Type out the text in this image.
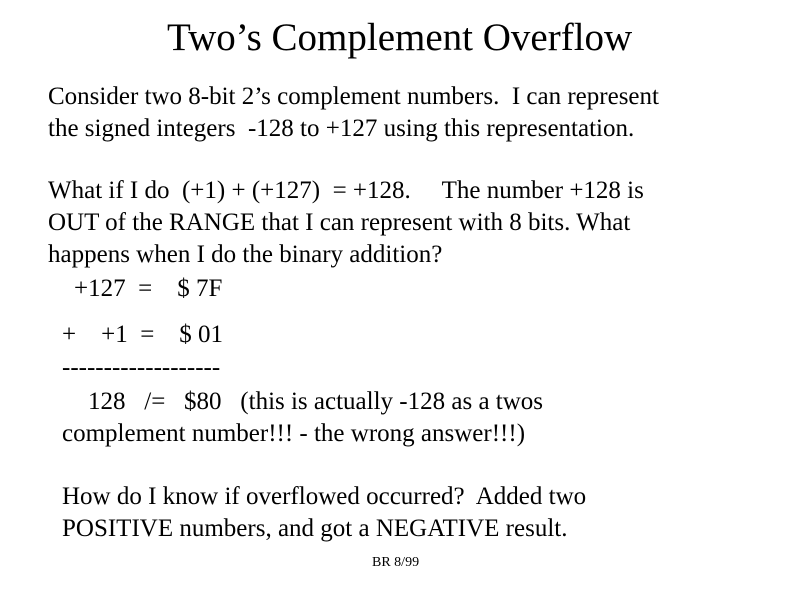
Two’s Complement Overflow
Consider two 8-bit 2’s complement numbers.  I can represent
the signed integers  -128 to +127 using this representation.
What if I do  (+1) + (+127)  = +128.     The number +128 is
OUT of the RANGE that I can represent with 8 bits. What
happens when I do the binary addition?
+127  =    $ 7F
+    +1  =    $ 01
-------------------
128   /=   $80   (this is actually -128 as a twos
complement number!!! - the wrong answer!!!)
How do I know if overflowed occurred?  Added two
POSITIVE numbers, and got a NEGATIVE result.
BR 8/99
